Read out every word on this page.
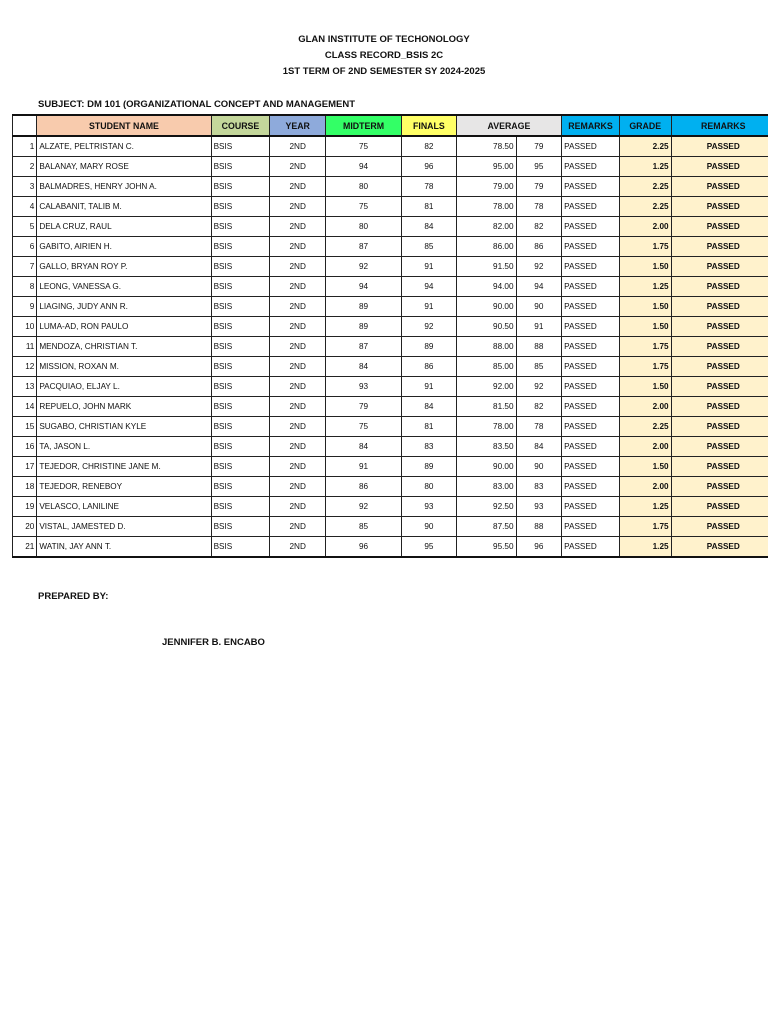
GLAN INSTITUTE OF TECHONOLOGY
CLASS RECORD_BSIS 2C
1ST TERM OF 2ND SEMESTER SY 2024-2025
SUBJECT: DM 101 (ORGANIZATIONAL CONCEPT AND MANAGEMENT
	STUDENT NAME	COURSE	YEAR	MIDTERM	FINALS	AVERAGE		REMARKS	GRADE	REMARKS
1	ALZATE, PELTRISTAN C.	BSIS	2ND	75	82	78.50	79	PASSED	2.25	PASSED
2	BALANAY, MARY ROSE	BSIS	2ND	94	96	95.00	95	PASSED	1.25	PASSED
3	BALMADRES, HENRY JOHN A.	BSIS	2ND	80	78	79.00	79	PASSED	2.25	PASSED
4	CALABANIT, TALIB M.	BSIS	2ND	75	81	78.00	78	PASSED	2.25	PASSED
5	DELA CRUZ, RAUL	BSIS	2ND	80	84	82.00	82	PASSED	2.00	PASSED
6	GABITO, AIRIEN H.	BSIS	2ND	87	85	86.00	86	PASSED	1.75	PASSED
7	GALLO, BRYAN ROY P.	BSIS	2ND	92	91	91.50	92	PASSED	1.50	PASSED
8	LEONG, VANESSA G.	BSIS	2ND	94	94	94.00	94	PASSED	1.25	PASSED
9	LIAGING, JUDY ANN R.	BSIS	2ND	89	91	90.00	90	PASSED	1.50	PASSED
10	LUMA-AD, RON PAULO	BSIS	2ND	89	92	90.50	91	PASSED	1.50	PASSED
11	MENDOZA, CHRISTIAN T.	BSIS	2ND	87	89	88.00	88	PASSED	1.75	PASSED
12	MISSION, ROXAN M.	BSIS	2ND	84	86	85.00	85	PASSED	1.75	PASSED
13	PACQUIAO, ELJAY L.	BSIS	2ND	93	91	92.00	92	PASSED	1.50	PASSED
14	REPUELO, JOHN MARK	BSIS	2ND	79	84	81.50	82	PASSED	2.00	PASSED
15	SUGABO, CHRISTIAN KYLE	BSIS	2ND	75	81	78.00	78	PASSED	2.25	PASSED
16	TA, JASON L.	BSIS	2ND	84	83	83.50	84	PASSED	2.00	PASSED
17	TEJEDOR, CHRISTINE JANE M.	BSIS	2ND	91	89	90.00	90	PASSED	1.50	PASSED
18	TEJEDOR, RENEBOY	BSIS	2ND	86	80	83.00	83	PASSED	2.00	PASSED
19	VELASCO, LANILINE	BSIS	2ND	92	93	92.50	93	PASSED	1.25	PASSED
20	VISTAL, JAMESTED D.	BSIS	2ND	85	90	87.50	88	PASSED	1.75	PASSED
21	WATIN, JAY ANN T.	BSIS	2ND	96	95	95.50	96	PASSED	1.25	PASSED
PREPARED BY:
JENNIFER B. ENCABO
